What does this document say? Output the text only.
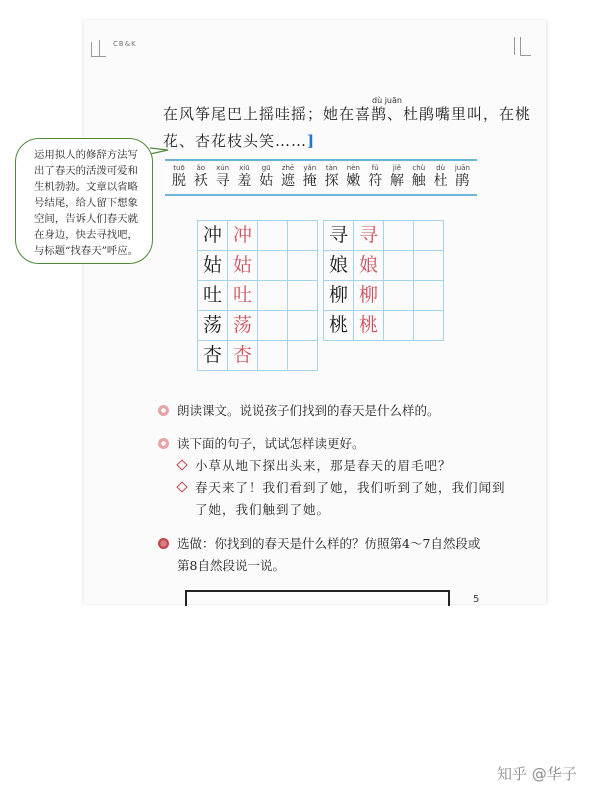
CB&K
dù juān
在风筝尾巴上摇哇摇；她在喜鹊、杜鹃嘴里叫，在桃
花、杏花枝头笑……]
运用拟人的修辞方法写出了春天的活泼可爱和生机勃勃。文章以省略号结尾，给人留下想象空间，告诉人们春天就在身边，快去寻找吧，与标题“找春天”呼应。
tuō
脱
ǎo
袄
xún
寻
xiū
羞
gū
姑
zhē
遮
yǎn
掩
tàn
探
nèn
嫩
fú
符
jiě
解
chù
触
dù
杜
juān
鹃
冲	冲		
姑	姑		
吐	吐		
荡	荡		
杏	杏		
寻	寻		
娘	娘		
柳	柳		
桃	桃		
朗读课文。说说孩子们找到的春天是什么样的。
读下面的句子，试试怎样读更好。
小草从地下探出头来，那是春天的眉毛吧？
春天来了！我们看到了她，我们听到了她，我们闻到
了她，我们触到了她。
选做：你找到的春天是什么样的？仿照第4～7自然段或
第8自然段说一说。
5
知乎 @华子
